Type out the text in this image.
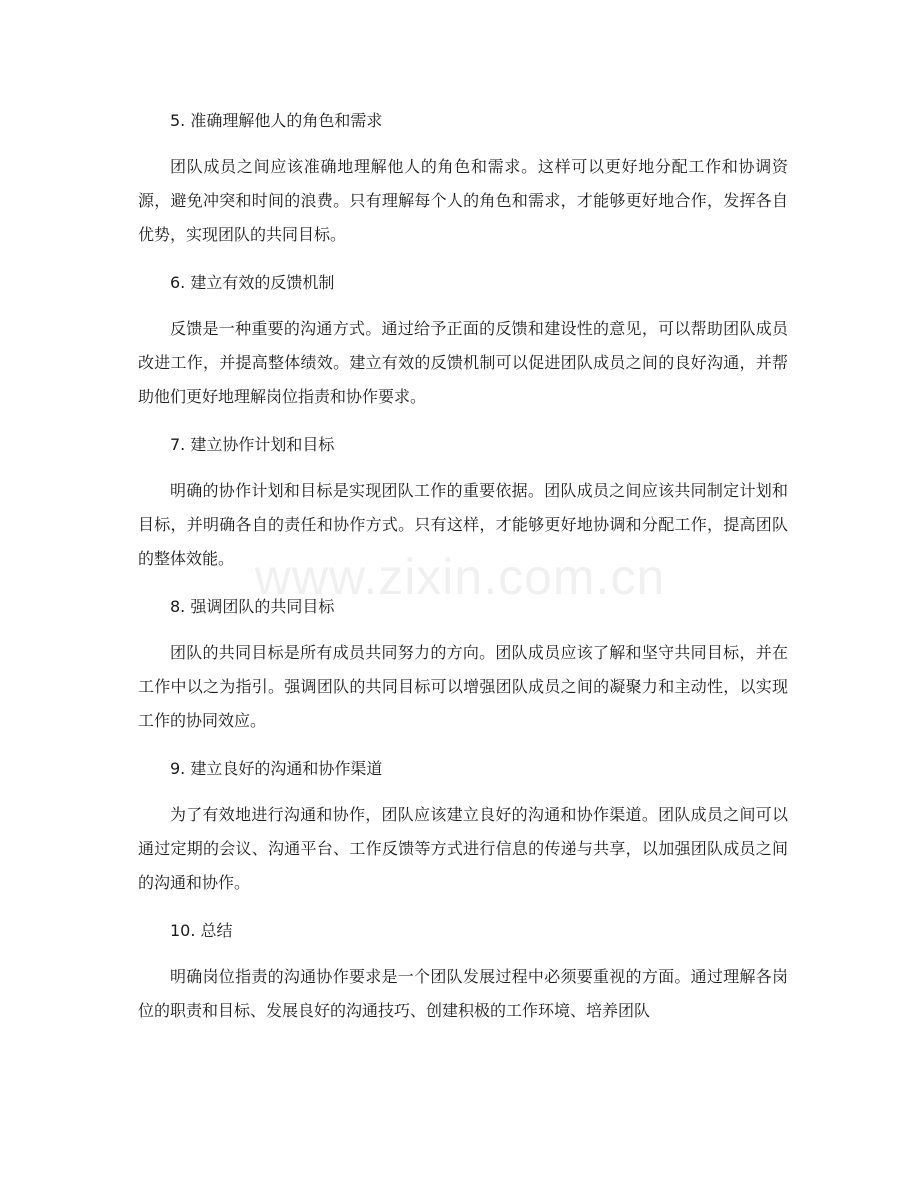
5. 准确理解他人的角色和需求
团队成员之间应该准确地理解他人的角色和需求。这样可以更好地分配工作和协调资源，避免冲突和时间的浪费。只有理解每个人的角色和需求，才能够更好地合作，发挥各自优势，实现团队的共同目标。
6. 建立有效的反馈机制
反馈是一种重要的沟通方式。通过给予正面的反馈和建设性的意见，可以帮助团队成员改进工作，并提高整体绩效。建立有效的反馈机制可以促进团队成员之间的良好沟通，并帮助他们更好地理解岗位指责和协作要求。
7. 建立协作计划和目标
明确的协作计划和目标是实现团队工作的重要依据。团队成员之间应该共同制定计划和目标，并明确各自的责任和协作方式。只有这样，才能够更好地协调和分配工作，提高团队的整体效能。
8. 强调团队的共同目标
团队的共同目标是所有成员共同努力的方向。团队成员应该了解和坚守共同目标，并在工作中以之为指引。强调团队的共同目标可以增强团队成员之间的凝聚力和主动性，以实现工作的协同效应。
9. 建立良好的沟通和协作渠道
为了有效地进行沟通和协作，团队应该建立良好的沟通和协作渠道。团队成员之间可以通过定期的会议、沟通平台、工作反馈等方式进行信息的传递与共享，以加强团队成员之间的沟通和协作。
10. 总结
明确岗位指责的沟通协作要求是一个团队发展过程中必须要重视的方面。通过理解各岗位的职责和目标、发展良好的沟通技巧、创建积极的工作环境、培养团队
www.zixin.com.cn
